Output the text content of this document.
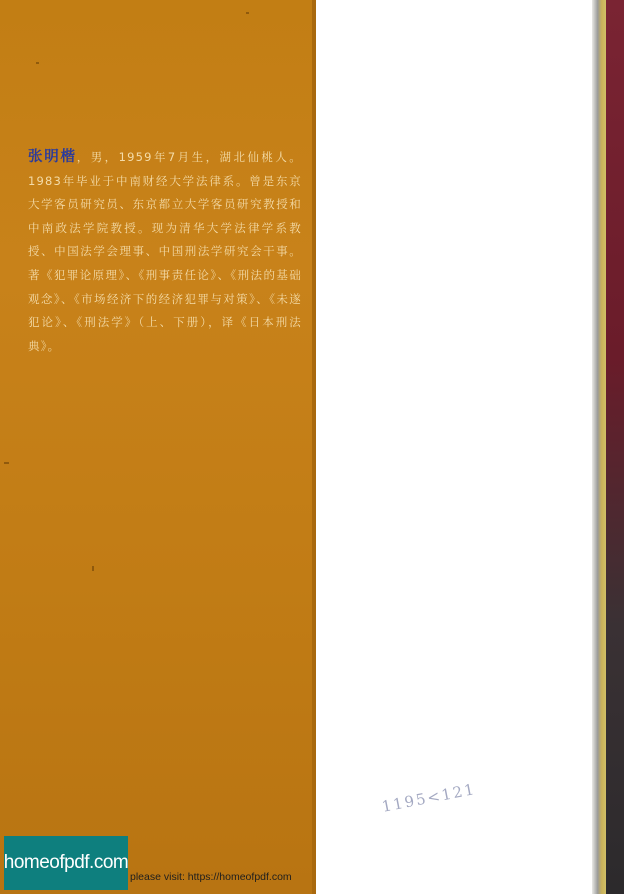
张明楷，男，1959年7月生，湖北仙桃人。1983年毕业于中南财经大学法律系。曾是东京大学客员研究员、东京都立大学客员研究教授和中南政法学院教授。现为清华大学法律学系教授、中国法学会理事、中国刑法学研究会干事。著《犯罪论原理》、《刑事责任论》、《刑法的基础观念》、《市场经济下的经济犯罪与对策》、《未遂犯论》、《刑法学》（上、下册），译《日本刑法典》。
1195<121
homeofpdf.com
please visit: https://homeofpdf.com
